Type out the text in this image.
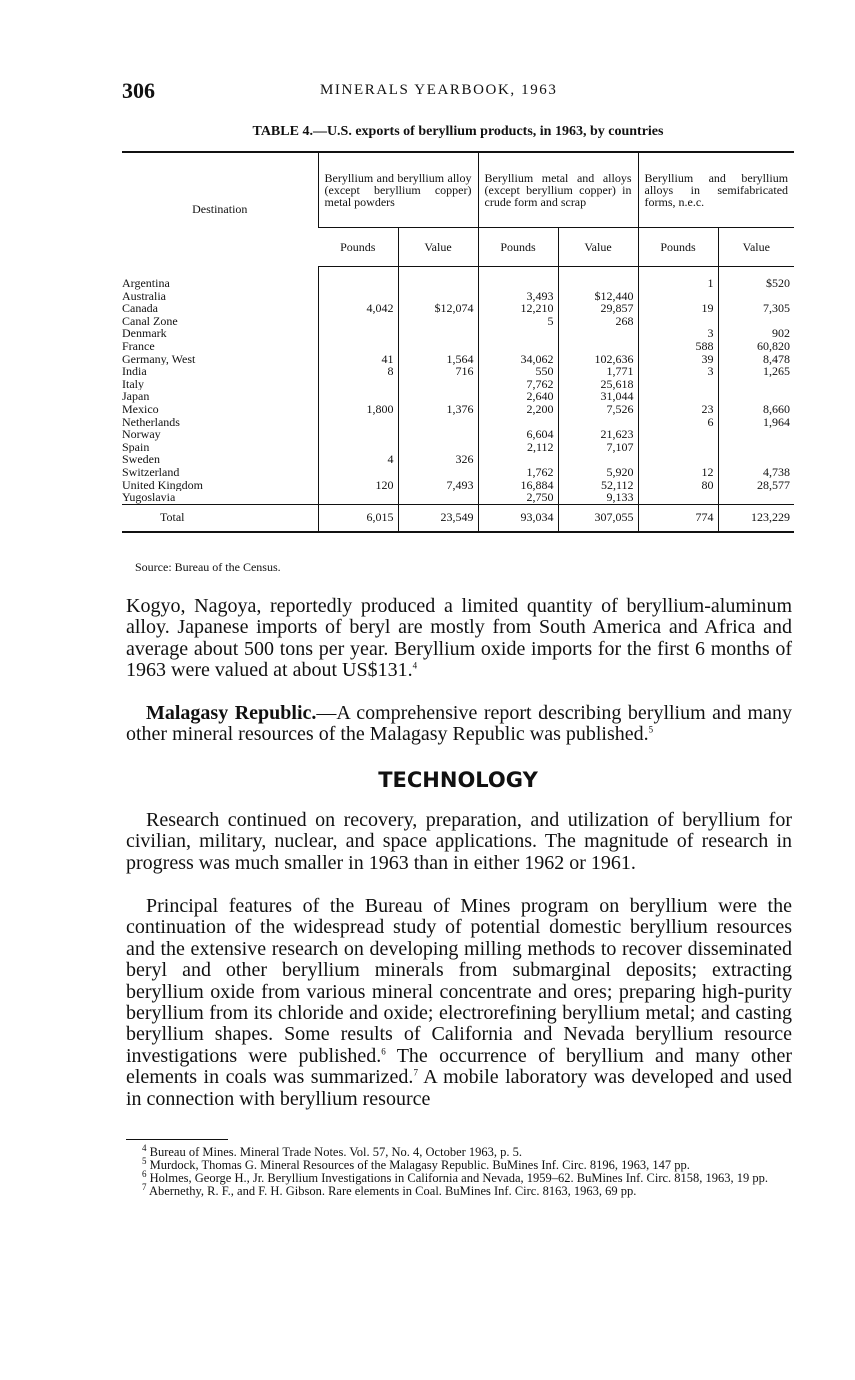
306	MINERALS YEARBOOK, 1963
TABLE 4.—U.S. exports of beryllium products, in 1963, by countries
Destination	Beryllium and beryllium alloy (except beryllium copper) metal powders		Beryllium metal and alloys (except beryllium copper) in crude form and scrap		Beryllium and beryllium alloys in semifabricated forms, n.e.c.	
	Pounds	Value	Pounds	Value	Pounds	Value

Argentina					1	$520
Australia			3,493	$12,440		
Canada	4,042	$12,074	12,210	29,857	19	7,305
Canal Zone			5	268		
Denmark					3	902
France					588	60,820
Germany, West	41	1,564	34,062	102,636	39	8,478
India	8	716	550	1,771	3	1,265
Italy			7,762	25,618		
Japan			2,640	31,044		
Mexico	1,800	1,376	2,200	7,526	23	8,660
Netherlands					6	1,964
Norway			6,604	21,623		
Spain			2,112	7,107		
Sweden	4	326				
Switzerland			1,762	5,920	12	4,738
United Kingdom	120	7,493	16,884	52,112	80	28,577
Yugoslavia			2,750	9,133		
Total	6,015	23,549	93,034	307,055	774	123,229
Source: Bureau of the Census.

Kogyo, Nagoya, reportedly produced a limited quantity of beryllium-aluminum alloy. Japanese imports of beryl are mostly from South America and Africa and average about 500 tons per year. Beryllium oxide imports for the first 6 months of 1963 were valued at about US$131.$^4$

Malagasy Republic.—A comprehensive report describing beryllium and many other mineral resources of the Malagasy Republic was published.$^5$

TECHNOLOGY

Research continued on recovery, preparation, and utilization of beryllium for civilian, military, nuclear, and space applications. The magnitude of research in progress was much smaller in 1963 than in either 1962 or 1961.

Principal features of the Bureau of Mines program on beryllium were the continuation of the widespread study of potential domestic beryllium resources and the extensive research on developing milling methods to recover disseminated beryl and other beryllium minerals from submarginal deposits; extracting beryllium oxide from various mineral concentrate and ores; preparing high-purity beryllium from its chloride and oxide; electrorefining beryllium metal; and casting beryllium shapes. Some results of California and Nevada beryllium resource investigations were published.$^6$ The occurrence of beryllium and many other elements in coals was summarized.$^7$ A mobile laboratory was developed and used in connection with beryllium resource

$^4$ Bureau of Mines. Mineral Trade Notes. Vol. 57, No. 4, October 1963, p. 5.

$^5$ Murdock, Thomas G. Mineral Resources of the Malagasy Republic. BuMines Inf. Circ. 8196, 1963, 147 pp.

$^6$ Holmes, George H., Jr. Beryllium Investigations in California and Nevada, 1959–62. BuMines Inf. Circ. 8158, 1963, 19 pp.

$^7$ Abernethy, R. F., and F. H. Gibson. Rare elements in Coal. BuMines Inf. Circ. 8163, 1963, 69 pp.
